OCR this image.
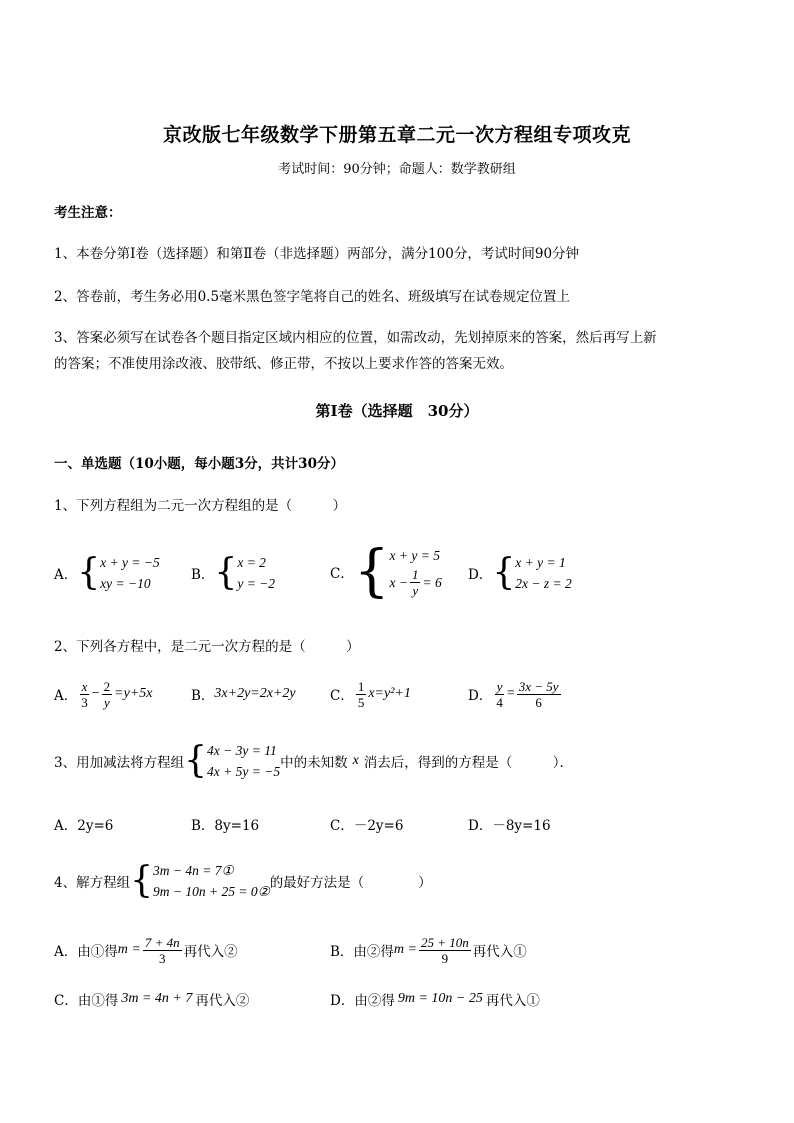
京改版七年级数学下册第五章二元一次方程组专项攻克
考试时间：90分钟；命题人：数学教研组
考生注意：
1、本卷分第Ⅰ卷（选择题）和第Ⅱ卷（非选择题）两部分，满分100分，考试时间90分钟
2、答卷前，考生务必用0.5毫米黑色签字笔将自己的姓名、班级填写在试卷规定位置上
3、答案必须写在试卷各个题目指定区域内相应的位置，如需改动，先划掉原来的答案，然后再写上新
的答案；不准使用涂改液、胶带纸、修正带，不按以上要求作答的答案无效。
第Ⅰ卷（选择题　30分）
一、单选题（10小题，每小题3分，共计30分）
1、下列方程组为二元一次方程组的是（　　　）
A． { x + y = −5
xy = −10
B． { x = 2
y = −2
C． { x + y = 5
$x - \frac{1}{y} = 6$ D． { x + y = 1
2x − z = 2
2、下列各方程中，是二元一次方程的是（　　　）
A． $\frac{x}{3} - \frac{2}{y} =y+5x$	B． 3x+2y=2x+2y	C． $\frac{1}{5} x=y^2+1$	D． $\frac{y}{4} = \frac{3x - 5y}{6}$
3、用加减法将方程组 { 4x − 3y = 11
4x + 5y = −5
中的未知数 x 消去后，得到的方程是（　　　）．
A．2y=6	B．8y=16	C．－2y=6	D．－8y=16
4、解方程组 { 3m − 4n = 7①
9m − 10n + 25 = 0②
的最好方法是（　　　　）
A．由①得 $m = \frac{7 + 4n}{3}$ 再代入②	B．由②得 $m = \frac{25 + 10n}{9}$ 再代入①
C．由①得 3m = 4n + 7 再代入②	D．由②得 9m = 10n − 25 再代入①
